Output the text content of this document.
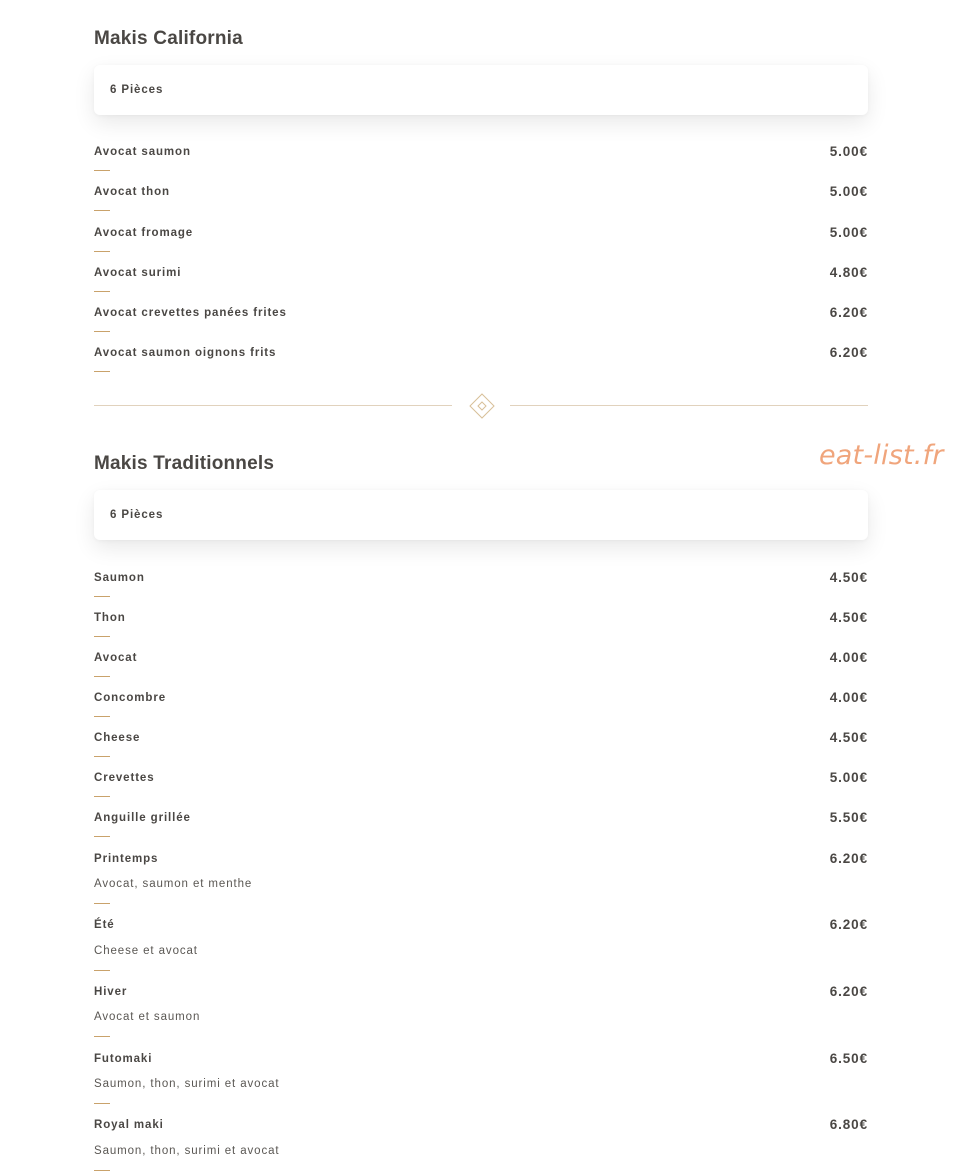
Makis California
6 Pièces
Avocat saumon	5.00€
Avocat thon	5.00€
Avocat fromage	5.00€
Avocat surimi	4.80€
Avocat crevettes panées frites	6.20€
Avocat saumon oignons frits	6.20€
eat-list.fr
Makis Traditionnels
6 Pièces
Saumon	4.50€
Thon	4.50€
Avocat	4.00€
Concombre	4.00€
Cheese	4.50€
Crevettes	5.00€
Anguille grillée	5.50€
Printemps	6.20€
Avocat, saumon et menthe
Été	6.20€
Cheese et avocat
Hiver	6.20€
Avocat et saumon
Futomaki	6.50€
Saumon, thon, surimi et avocat
Royal maki	6.80€
Saumon, thon, surimi et avocat
